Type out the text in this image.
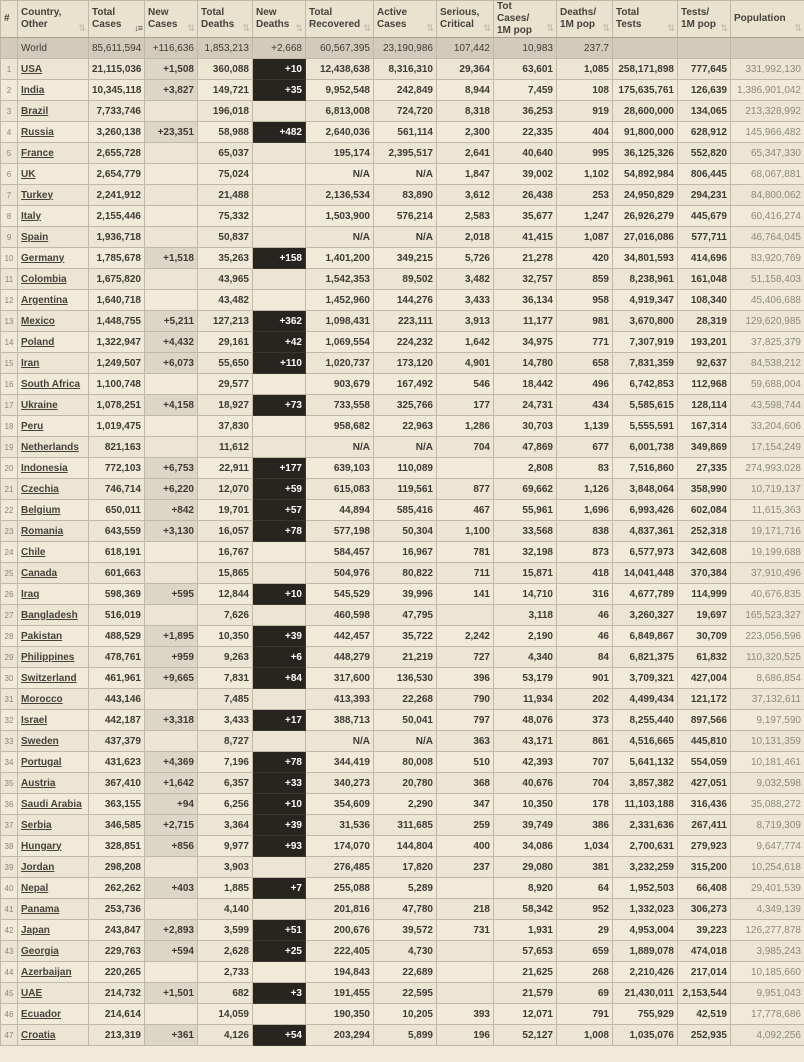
#	Country, Other ⇅	Total Cases ↓≡	New Cases ⇅	Total Deaths ⇅	New Deaths ⇅	Total Recovered ⇅	Active Cases ⇅	Serious, Critical ⇅	Tot Cases/ 1M pop ⇅	Deaths/ 1M pop ⇅	Total Tests ⇅	Tests/ 1M pop ⇅	Population
⇅

	World	85,611,594	+116,636	1,853,213	+2,668	60,567,395	23,190,986	107,442	10,983	237.7			
1	USA	21,115,036	+1,508	360,088	+10	12,438,638	8,316,310	29,364	63,601	1,085	258,171,898	777,645	331,992,130
2	India	10,345,118	+3,827	149,721	+35	9,952,548	242,849	8,944	7,459	108	175,635,761	126,639	1,386,901,042
3	Brazil	7,733,746		196,018		6,813,008	724,720	8,318	36,253	919	28,600,000	134,065	213,328,992
4	Russia	3,260,138	+23,351	58,988	+482	2,640,036	561,114	2,300	22,335	404	91,800,000	628,912	145,966,482
5	France	2,655,728		65,037		195,174	2,395,517	2,641	40,640	995	36,125,326	552,820	65,347,330
6	UK	2,654,779		75,024		N/A	N/A	1,847	39,002	1,102	54,892,984	806,445	68,067,881
7	Turkey	2,241,912		21,488		2,136,534	83,890	3,612	26,438	253	24,950,829	294,231	84,800,062
8	Italy	2,155,446		75,332		1,503,900	576,214	2,583	35,677	1,247	26,926,279	445,679	60,416,274
9	Spain	1,936,718		50,837		N/A	N/A	2,018	41,415	1,087	27,016,086	577,711	46,764,045
10	Germany	1,785,678	+1,518	35,263	+158	1,401,200	349,215	5,726	21,278	420	34,801,593	414,696	83,920,769
11	Colombia	1,675,820		43,965		1,542,353	89,502	3,482	32,757	859	8,238,961	161,048	51,158,403
12	Argentina	1,640,718		43,482		1,452,960	144,276	3,433	36,134	958	4,919,347	108,340	45,406,688
13	Mexico	1,448,755	+5,211	127,213	+362	1,098,431	223,111	3,913	11,177	981	3,670,800	28,319	129,620,985
14	Poland	1,322,947	+4,432	29,161	+42	1,069,554	224,232	1,642	34,975	771	7,307,919	193,201	37,825,379
15	Iran	1,249,507	+6,073	55,650	+110	1,020,737	173,120	4,901	14,780	658	7,831,359	92,637	84,538,212
16	South Africa	1,100,748		29,577		903,679	167,492	546	18,442	496	6,742,853	112,968	59,688,004
17	Ukraine	1,078,251	+4,158	18,927	+73	733,558	325,766	177	24,731	434	5,585,615	128,114	43,598,744
18	Peru	1,019,475		37,830		958,682	22,963	1,286	30,703	1,139	5,555,591	167,314	33,204,606
19	Netherlands	821,163		11,612		N/A	N/A	704	47,869	677	6,001,738	349,869	17,154,249
20	Indonesia	772,103	+6,753	22,911	+177	639,103	110,089		2,808	83	7,516,860	27,335	274,993,028
21	Czechia	746,714	+6,220	12,070	+59	615,083	119,561	877	69,662	1,126	3,848,064	358,990	10,719,137
22	Belgium	650,011	+842	19,701	+57	44,894	585,416	467	55,961	1,696	6,993,426	602,084	11,615,363
23	Romania	643,559	+3,130	16,057	+78	577,198	50,304	1,100	33,568	838	4,837,361	252,318	19,171,716
24	Chile	618,191		16,767		584,457	16,967	781	32,198	873	6,577,973	342,608	19,199,688
25	Canada	601,663		15,865		504,976	80,822	711	15,871	418	14,041,448	370,384	37,910,496
26	Iraq	598,369	+595	12,844	+10	545,529	39,996	141	14,710	316	4,677,789	114,999	40,676,835
27	Bangladesh	516,019		7,626		460,598	47,795		3,118	46	3,260,327	19,697	165,523,327
28	Pakistan	488,529	+1,895	10,350	+39	442,457	35,722	2,242	2,190	46	6,849,867	30,709	223,056,596
29	Philippines	478,761	+959	9,263	+6	448,279	21,219	727	4,340	84	6,821,375	61,832	110,320,525
30	Switzerland	461,961	+9,665	7,831	+84	317,600	136,530	396	53,179	901	3,709,321	427,004	8,686,854
31	Morocco	443,146		7,485		413,393	22,268	790	11,934	202	4,499,434	121,172	37,132,611
32	Israel	442,187	+3,318	3,433	+17	388,713	50,041	797	48,076	373	8,255,440	897,566	9,197,590
33	Sweden	437,379		8,727		N/A	N/A	363	43,171	861	4,516,665	445,810	10,131,359
34	Portugal	431,623	+4,369	7,196	+78	344,419	80,008	510	42,393	707	5,641,132	554,059	10,181,461
35	Austria	367,410	+1,642	6,357	+33	340,273	20,780	368	40,676	704	3,857,382	427,051	9,032,598
36	Saudi Arabia	363,155	+94	6,256	+10	354,609	2,290	347	10,350	178	11,103,188	316,436	35,088,272
37	Serbia	346,585	+2,715	3,364	+39	31,536	311,685	259	39,749	386	2,331,636	267,411	8,719,309
38	Hungary	328,851	+856	9,977	+93	174,070	144,804	400	34,086	1,034	2,700,631	279,923	9,647,774
39	Jordan	298,208		3,903		276,485	17,820	237	29,080	381	3,232,259	315,200	10,254,618
40	Nepal	262,262	+403	1,885	+7	255,088	5,289		8,920	64	1,952,503	66,408	29,401,539
41	Panama	253,736		4,140		201,816	47,780	218	58,342	952	1,332,023	306,273	4,349,139
42	Japan	243,847	+2,893	3,599	+51	200,676	39,572	731	1,931	29	4,953,004	39,223	126,277,878
43	Georgia	229,763	+594	2,628	+25	222,405	4,730		57,653	659	1,889,078	474,018	3,985,243
44	Azerbaijan	220,265		2,733		194,843	22,689		21,625	268	2,210,426	217,014	10,185,660
45	UAE	214,732	+1,501	682	+3	191,455	22,595		21,579	69	21,430,011	2,153,544	9,951,043
46	Ecuador	214,614		14,059		190,350	10,205	393	12,071	791	755,929	42,519	17,778,686
47	Croatia	213,319	+361	4,126	+54	203,294	5,899	196	52,127	1,008	1,035,076	252,935	4,092,256
